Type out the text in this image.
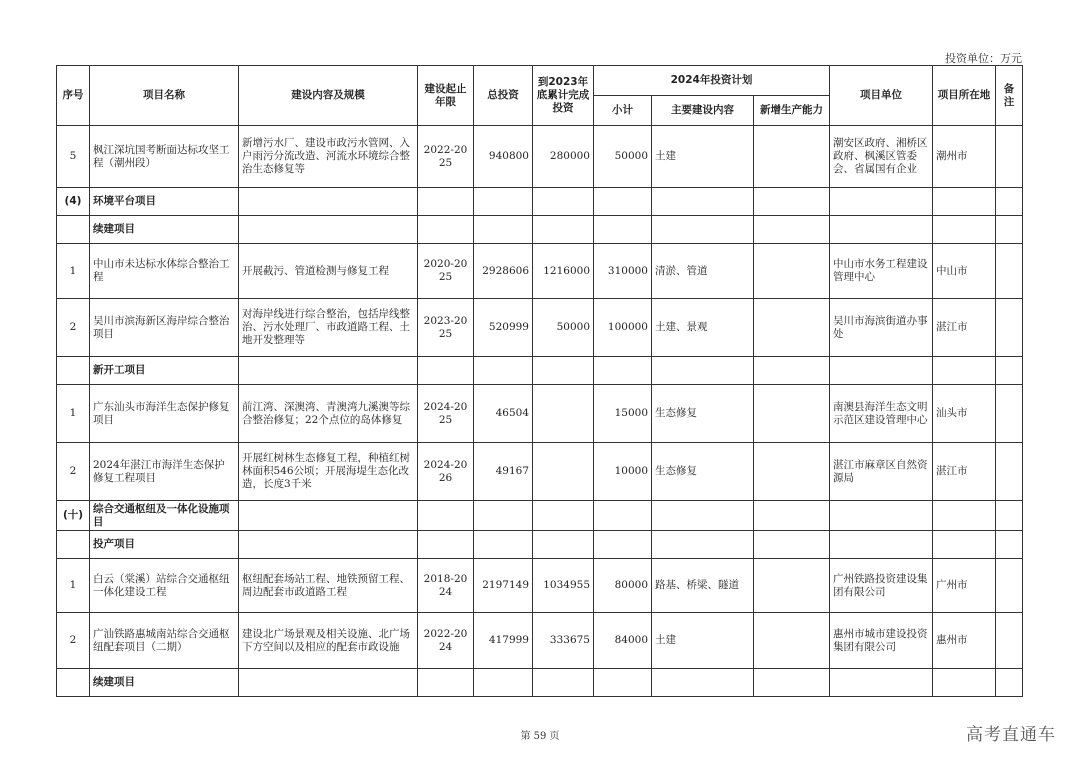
投资单位：万元
序号	项目名称	建设内容及规模	建设起止年限	总投资	到2023年底累计完成投资	2024年投资计划			项目单位	项目所在地	备注
						小计	主要建设内容	新增生产能力			
5	枫江深坑国考断面达标攻坚工程（潮州段）	新增污水厂、建设市政污水管网、入户雨污分流改造、河流水环境综合整治生态修复等	2022-2025	940800	280000	50000	土建		潮安区政府、湘桥区政府、枫溪区管委会、省属国有企业	潮州市	
(4)	环境平台项目										
	续建项目										
1	中山市未达标水体综合整治工程	开展截污、管道检测与修复工程	2020-2025	2928606	1216000	310000	清淤、管道		中山市水务工程建设管理中心	中山市	
2	吴川市滨海新区海岸综合整治项目	对海岸线进行综合整治，包括岸线整治、污水处理厂、市政道路工程、土地开发整理等	2023-2025	520999	50000	100000	土建、景观		吴川市海滨街道办事处	湛江市	
	新开工项目										
1	广东汕头市海洋生态保护修复项目	前江湾、深澳湾、青澳湾九溪澳等综合整治修复；22个点位的岛体修复	2024-2025	46504		15000	生态修复		南澳县海洋生态文明示范区建设管理中心	汕头市	
2	2024年湛江市海洋生态保护修复工程项目	开展红树林生态修复工程，种植红树林面积546公顷；开展海堤生态化改造，长度3千米	2024-2026	49167		10000	生态修复		湛江市麻章区自然资源局	湛江市	
(十)	综合交通枢纽及一体化设施项目										
	投产项目										
1	白云（棠溪）站综合交通枢纽一体化建设工程	枢纽配套场站工程、地铁预留工程、周边配套市政道路工程	2018-2024	2197149	1034955	80000	路基、桥梁、隧道		广州铁路投资建设集团有限公司	广州市	
2	广汕铁路惠城南站综合交通枢纽配套项目（二期）	建设北广场景观及相关设施、北广场下方空间以及相应的配套市政设施	2022-2024	417999	333675	84000	土建		惠州市城市建设投资集团有限公司	惠州市	
	续建项目										
第 59 页	高考直通车
